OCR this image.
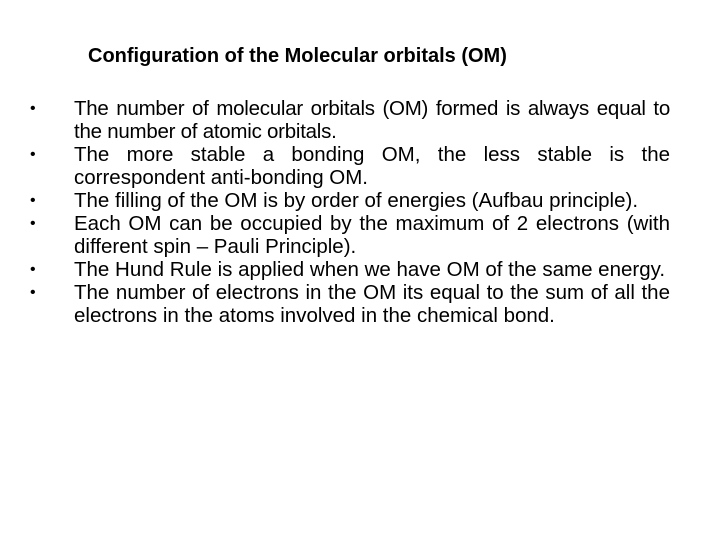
Configuration of the Molecular orbitals (OM)
• The number of molecular orbitals (OM) formed is always equal to the number of atomic orbitals.
• The more stable a bonding OM, the less stable is the correspondent anti-bonding OM.
• The filling of the OM is by order of energies (Aufbau principle).
• Each OM can be occupied by the maximum of 2 electrons (with different spin – Pauli Principle).
• The Hund Rule is applied when we have OM of the same energy.
• The number of electrons in the OM its equal to the sum of all the electrons in the atoms involved in the chemical bond.
